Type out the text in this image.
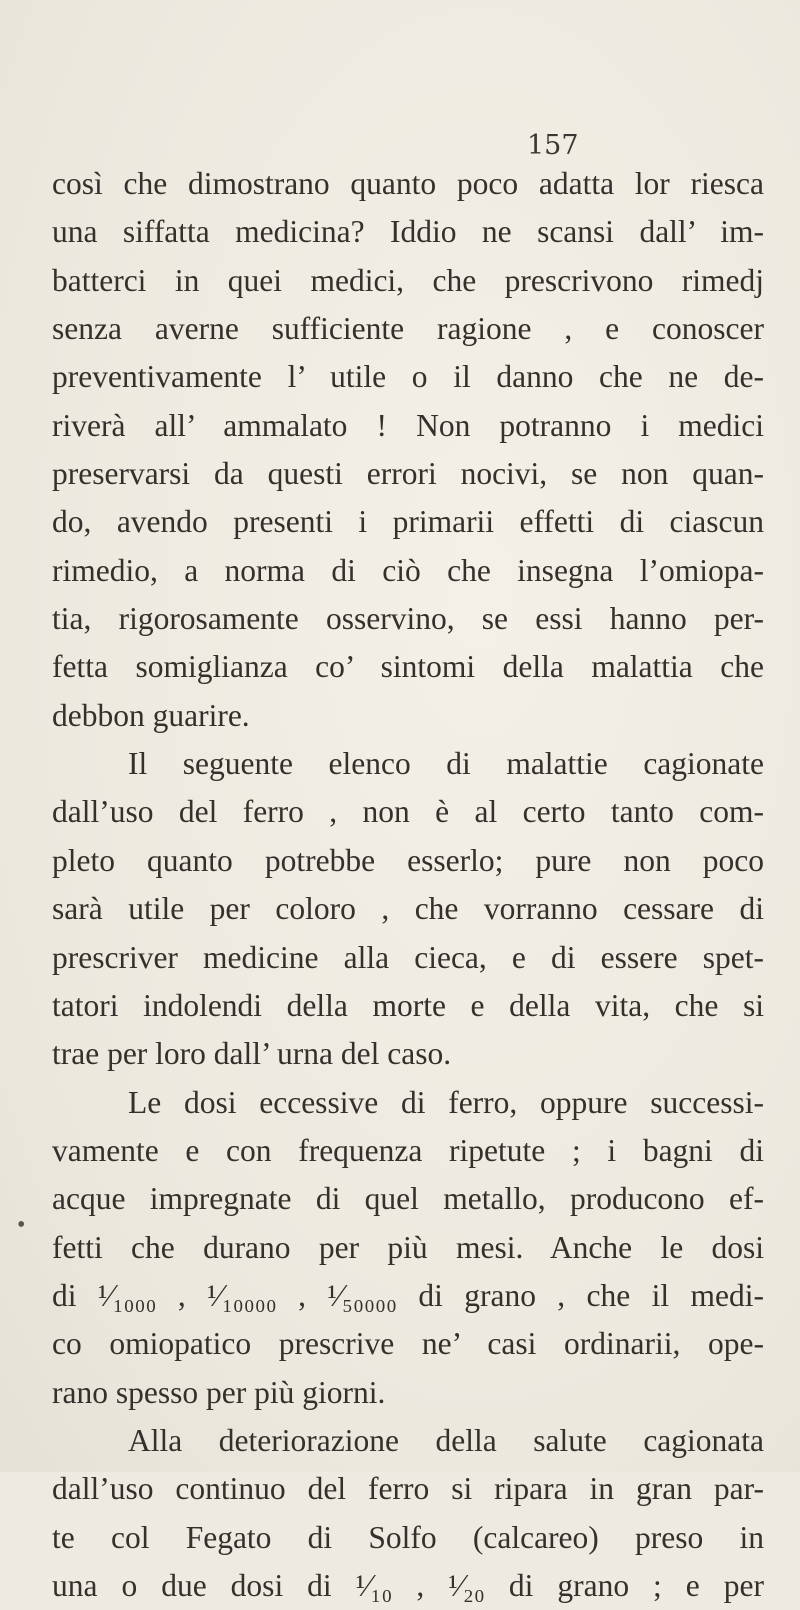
157
•
così che dimostrano quanto poco adatta lor riesca
una siffatta medicina? Iddio ne scansi dall’ im-
batterci in quei medici, che prescrivono rimedj
senza averne sufficiente ragione , e conoscer
preventivamente l’ utile o il danno che ne de-
riverà all’ ammalato ! Non potranno i medici
preservarsi da questi errori nocivi, se non quan-
do, avendo presenti i primarii effetti di ciascun
rimedio, a norma di ciò che insegna l’omiopa-
tia, rigorosamente osservino, se essi hanno per-
fetta somiglianza co’ sintomi della malattia che
debbon guarire.
Il seguente elenco di malattie cagionate
dall’uso del ferro , non è al certo tanto com-
pleto quanto potrebbe esserlo; pure non poco
sarà utile per coloro , che vorranno cessare di
prescriver medicine alla cieca, e di essere spet-
tatori indolendi della morte e della vita, che si
trae per loro dall’ urna del caso.
Le dosi eccessive di ferro, oppure successi-
vamente e con frequenza ripetute ; i bagni di
acque impregnate di quel metallo, producono ef-
fetti che durano per più mesi. Anche le dosi
di ¹⁄₁₀₀₀ , ¹⁄₁₀₀₀₀ , ¹⁄₅₀₀₀₀ di grano , che il medi-
co omiopatico prescrive ne’ casi ordinarii, ope-
rano spesso per più giorni.
Alla deteriorazione della salute cagionata
dall’uso continuo del ferro si ripara in gran par-
te col Fegato di Solfo (calcareo) preso in
una o due dosi di ¹⁄₁₀ , ¹⁄₂₀ di grano ; e per
